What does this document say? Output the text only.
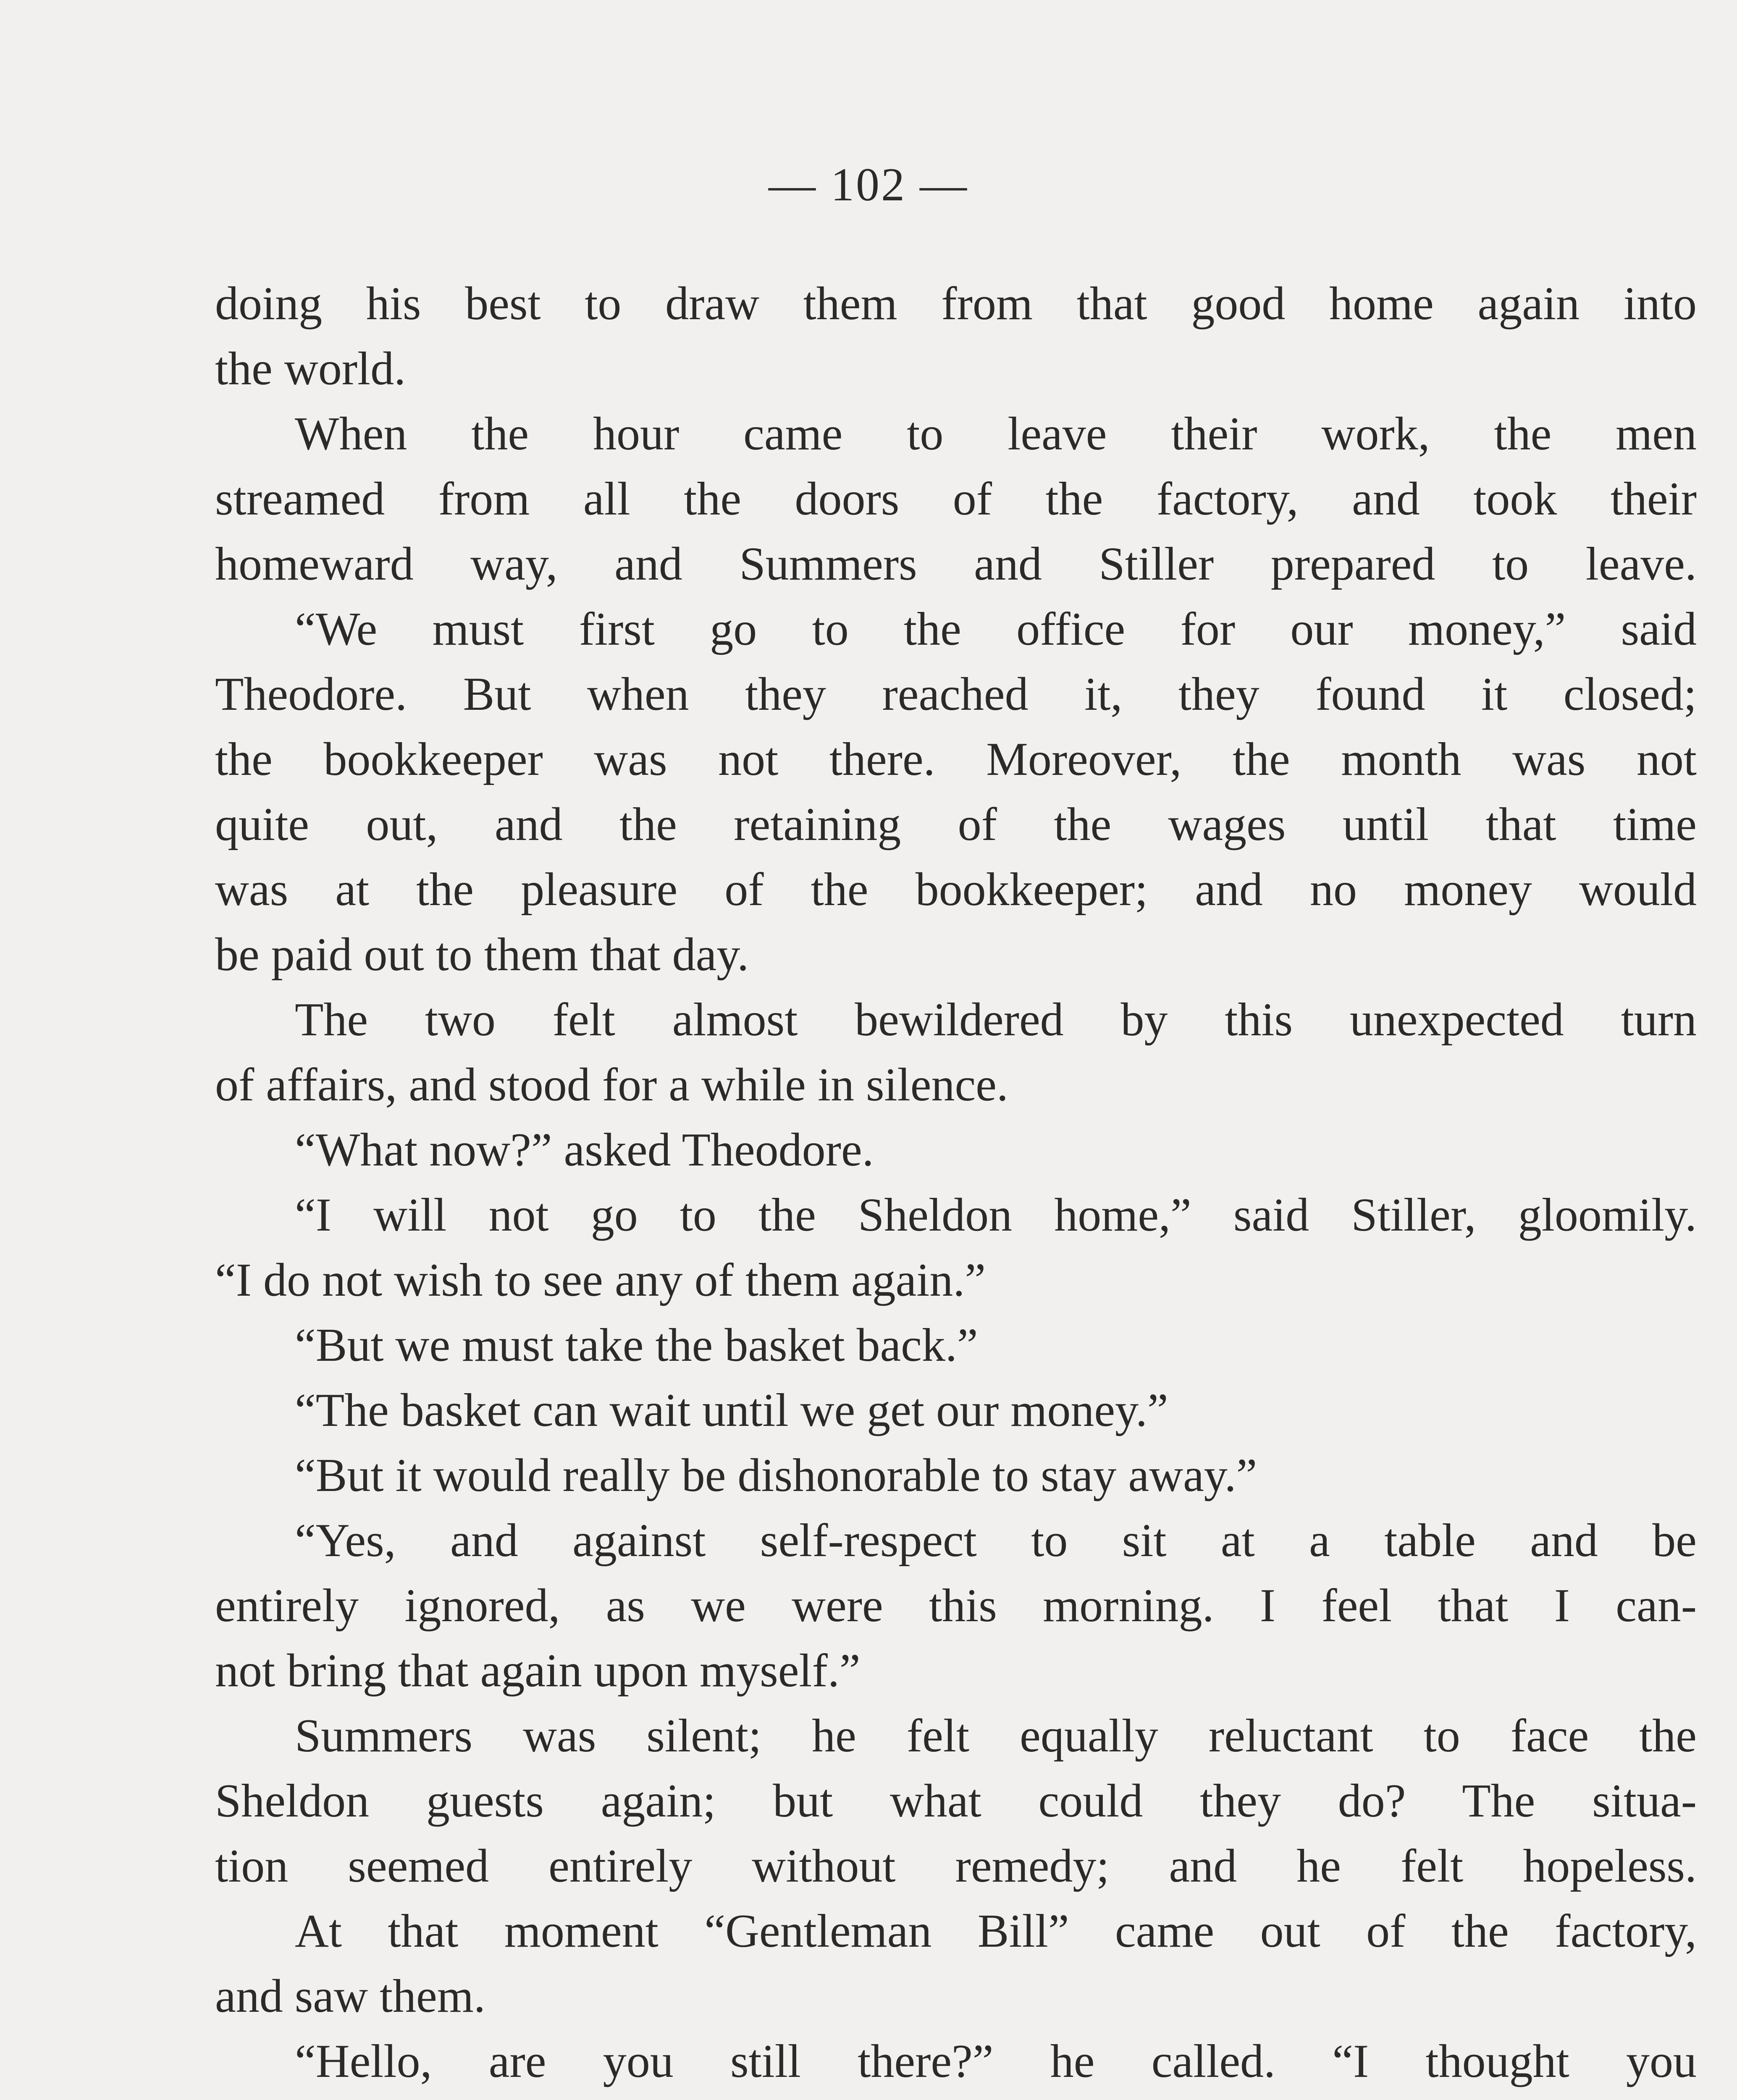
— 102 —
doing his best to draw them from that good home again into
the world.
When the hour came to leave their work, the men
streamed from all the doors of the factory, and took their
homeward way, and Summers and Stiller prepared to leave.
“We must first go to the office for our money,” said
Theodore. But when they reached it, they found it closed;
the bookkeeper was not there. Moreover, the month was not
quite out, and the retaining of the wages until that time
was at the pleasure of the bookkeeper; and no money would
be paid out to them that day.
The two felt almost bewildered by this unexpected turn
of affairs, and stood for a while in silence.
“What now?” asked Theodore.
“I will not go to the Sheldon home,” said Stiller, gloomily.
“I do not wish to see any of them again.”
“But we must take the basket back.”
“The basket can wait until we get our money.”
“But it would really be dishonorable to stay away.”
“Yes, and against self-respect to sit at a table and be
entirely ignored, as we were this morning. I feel that I can-
not bring that again upon myself.”
Summers was silent; he felt equally reluctant to face the
Sheldon guests again; but what could they do? The situa-
tion seemed entirely without remedy; and he felt hopeless.
At that moment “Gentleman Bill” came out of the factory,
and saw them.
“Hello, are you still there?” he called. “I thought you
